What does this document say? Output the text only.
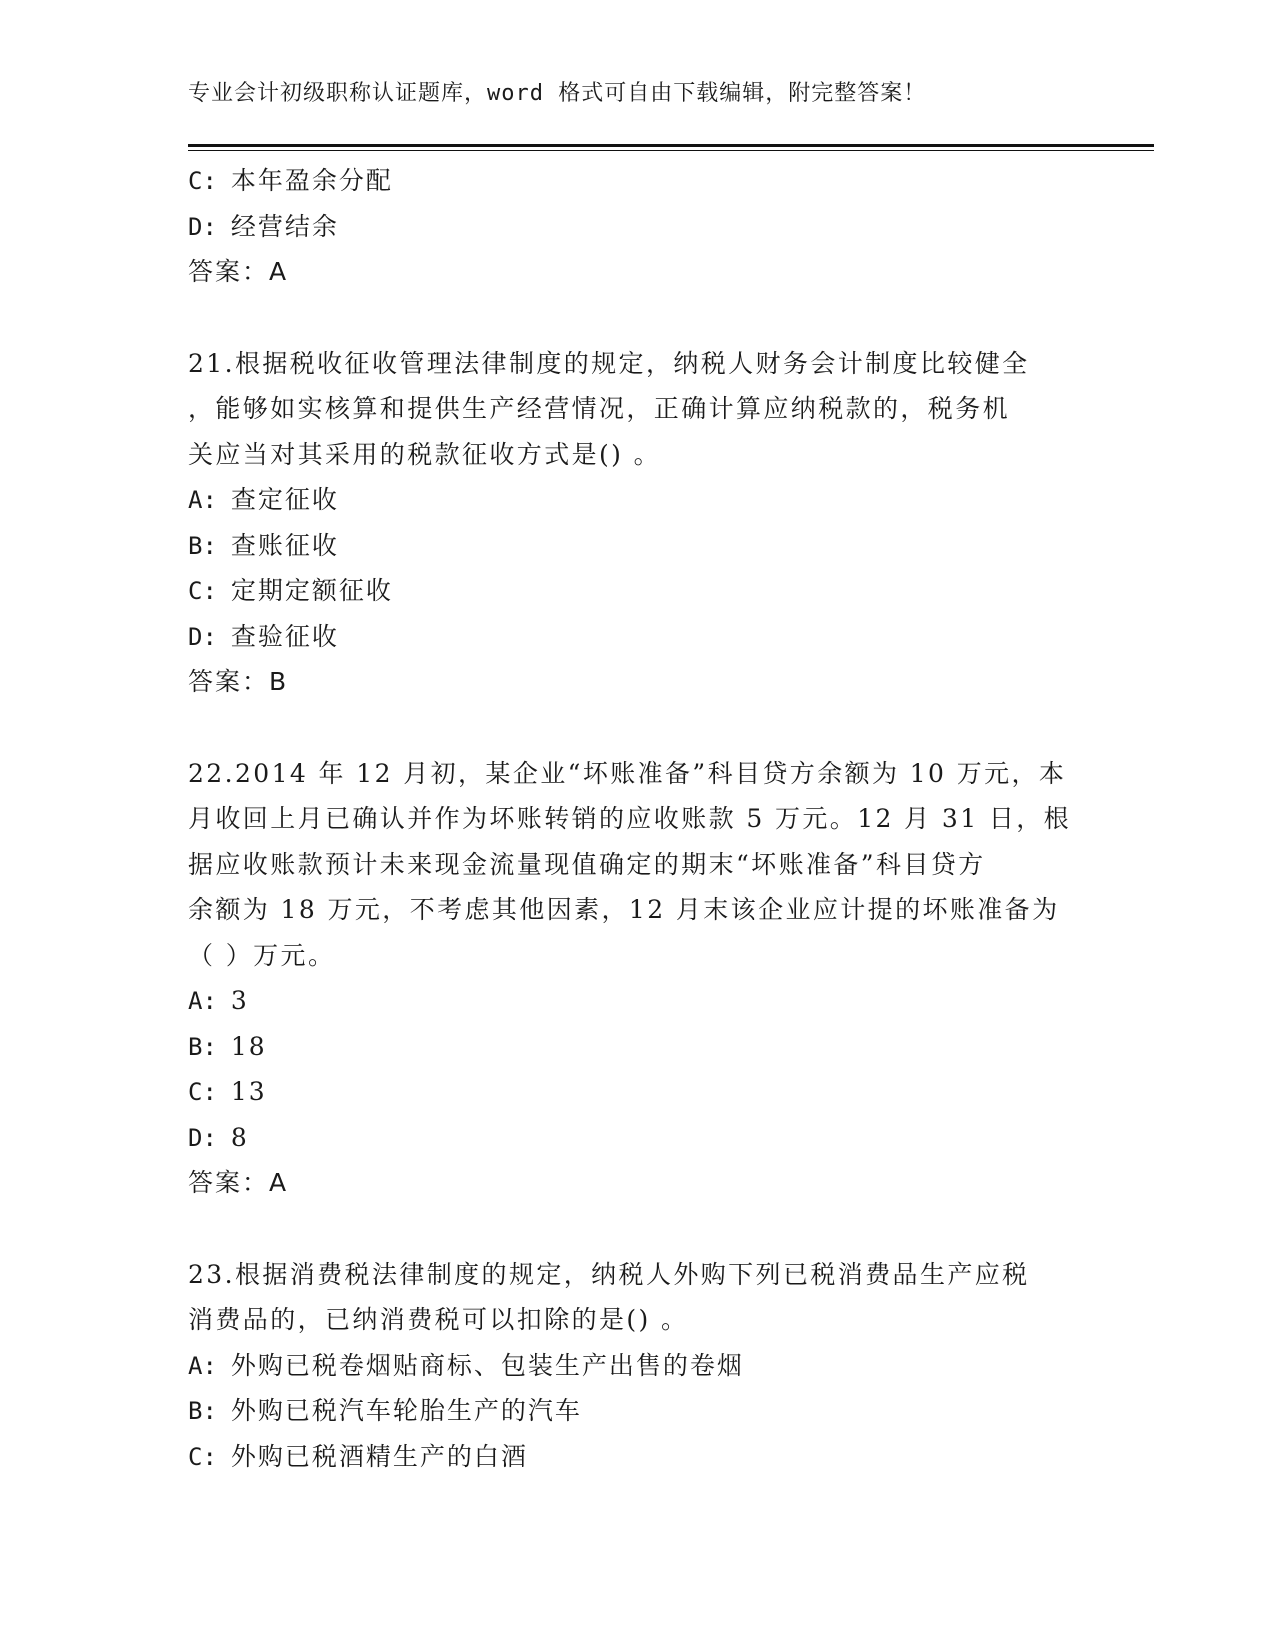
专业会计初级职称认证题库，word 格式可自由下载编辑，附完整答案！
C: 本年盈余分配
D: 经营结余
答案：A
21.根据税收征收管理法律制度的规定，纳税人财务会计制度比较健全
，能够如实核算和提供生产经营情况，正确计算应纳税款的，税务机
关应当对其采用的税款征收方式是() 。
A: 查定征收
B: 查账征收
C: 定期定额征收
D: 查验征收
答案：B
22.2014 年 12 月初，某企业“坏账准备”科目贷方余额为 10 万元，本
月收回上月已确认并作为坏账转销的应收账款 5 万元。12 月 31 日，根
据应收账款预计未来现金流量现值确定的期末“坏账准备”科目贷方
余额为 18 万元，不考虑其他因素，12 月末该企业应计提的坏账准备为
（ ）万元。
A: 3
B: 18
C: 13
D: 8
答案：A
23.根据消费税法律制度的规定，纳税人外购下列已税消费品生产应税
消费品的，已纳消费税可以扣除的是() 。
A: 外购已税卷烟贴商标、包装生产出售的卷烟
B: 外购已税汽车轮胎生产的汽车
C: 外购已税酒精生产的白酒
